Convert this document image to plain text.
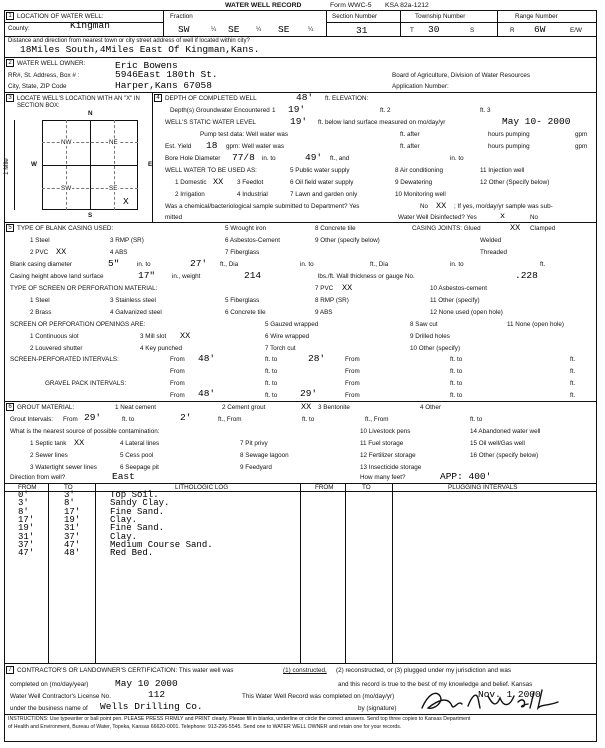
WATER WELL RECORD	Form WWC-5 KSA 82a-1212
1 LOCATION OF WATER WELL:
County:	Kingman
Fraction
SW	¼ SE	¼ SE	¼
Section Number
31
Township Number
T 30	S
Range Number
R 6W	E/W
Distance and direction from nearest town or city street address of well if located within city?
18Miles South,4Miles East Of Kingman,Kans.
2 WATER WELL OWNER:	Eric Bowens
RR#, St. Address, Box # :	5946East 180th St.
City, State, ZIP Code	Harper,Kans 67058
Board of Agriculture, Division of Water Resources
Application Number:
3 LOCATE WELL'S LOCATION WITH AN "X" IN SECTION BOX:
N
S
W	E
1 Mile
NW	NE
SW	SE
X
4 DEPTH OF COMPLETED WELL	48' ft. ELEVATION:
Depth(s) Groundwater Encountered 1 19'	ft. 2	ft. 3
WELL'S STATIC WATER LEVEL	19' ft. below land surface measured on mo/day/yr	May 10- 2000
Pump test data: Well water was	ft. after	hours pumping	gpm
Est. Yield 18 gpm: Well water was	ft. after	hours pumping	gpm
Bore Hole Diameter 77/8 in. to	49' ft., and	in. to
WELL WATER TO BE USED AS:	5 Public water supply	8 Air conditioning	11 Injection well
1 Domestic XX 3 Feedlot	6 Oil field water supply	9 Dewatering	12 Other (Specify below)
2 Irrigation	4 Industrial	7 Lawn and garden only	10 Monitoring well
Was a chemical/bacteriological sample submitted to Department? Yes	No XX ; If yes, mo/day/yr sample was sub-
mitted	Water Well Disinfected? Yes	x	No
5 TYPE OF BLANK CASING USED:	5 Wrought iron	8 Concrete tile	CASING JOINTS: Glued	XX Clamped
1 Steel	3 RMP (SR)	6 Asbestos-Cement	9 Other (specify below)	Welded
2 PVC XX	4 ABS	7 Fiberglass	Threaded
Blank casing diameter	5"	in. to	27' ft., Dia	in. to	ft., Dia	in. to	ft.
Casing height above land surface	17"	in., weight	214	lbs./ft. Wall thickness or gauge No.	.228
TYPE OF SCREEN OR PERFORATION MATERIAL:	7 PVC XX	10 Asbestos-cement
1 Steel	3 Stainless steel	5 Fiberglass	8 RMP (SR)	11 Other (specify)
2 Brass	4 Galvanized steel	6 Concrete tile	9 ABS	12 None used (open hole)
SCREEN OR PERFORATION OPENINGS ARE:	5 Gauzed wrapped	8 Saw cut	11 None (open hole)
1 Continuous slot	3 Mill slot XX	6 Wire wrapped	9 Drilled holes
2 Louvered shutter	4 Key punched	7 Torch cut	10 Other (specify)
SCREEN-PERFORATED INTERVALS:	From 48'	ft. to	28'	From	ft. to	ft.
From	ft. to	From	ft. to	ft.
GRAVEL PACK INTERVALS:	From	ft. to	From	ft. to	ft.
From 48'	ft. to 29'	From	ft. to	ft.
6 GROUT MATERIAL:	1 Neat cement	2 Cement grout	XX 3 Bentonite	4 Other
Grout Intervals: From 29'	ft. to	2'	ft., From	ft. to	ft., From	ft. to
What is the nearest source of possible contamination:
1 Septic tank XX	4 Lateral lines	7 Pit privy
10 Livestock pens	14 Abandoned water well
2 Sewer lines	5 Cess pool	8 Sewage lagoon
11 Fuel storage	15 Oil well/Gas well
3 Watertight sewer lines	6 Seepage pit	9 Feedyard
12 Fertilizer storage
13 Insecticide storage
16 Other (specify below)
Direction from well?	East	How many feet?	APP: 400'
FROM	TO	LITHOLOGIC LOG	FROM	TO	PLUGGING INTERVALS
0'	3'	Top Soil.
3'	8'	Sandy Clay.
8'	17'	Fine Sand.
17'	19'	Clay.
19'	31'	Fine Sand.
31'	37'	Clay.
37'	47'	Medium Course Sand.
47'	48'	Red Bed.
7 CONTRACTOR'S OR LANDOWNER'S CERTIFICATION: This water well was	(1) constructed, (2) reconstructed, or (3) plugged under my jurisdiction and was
completed on (mo/day/year)	May 10 2000	and this record is true to the best of my knowledge and belief. Kansas
Water Well Contractor's License No.	112	This Water Well Record was completed on (mo/day/yr)	Nov. 1 2000
under the business name of Wells Drilling Co.	by (signature)
INSTRUCTIONS: Use typewriter or ball point pen. PLEASE PRESS FIRMLY and PRINT clearly. Please fill in blanks, underline or circle the correct answers. Send top three copies to Kansas Department
of Health and Environment, Bureau of Water, Topeka, Kansas 66620-0001. Telephone: 913-296-5545. Send one to WATER WELL OWNER and retain one for your records.
